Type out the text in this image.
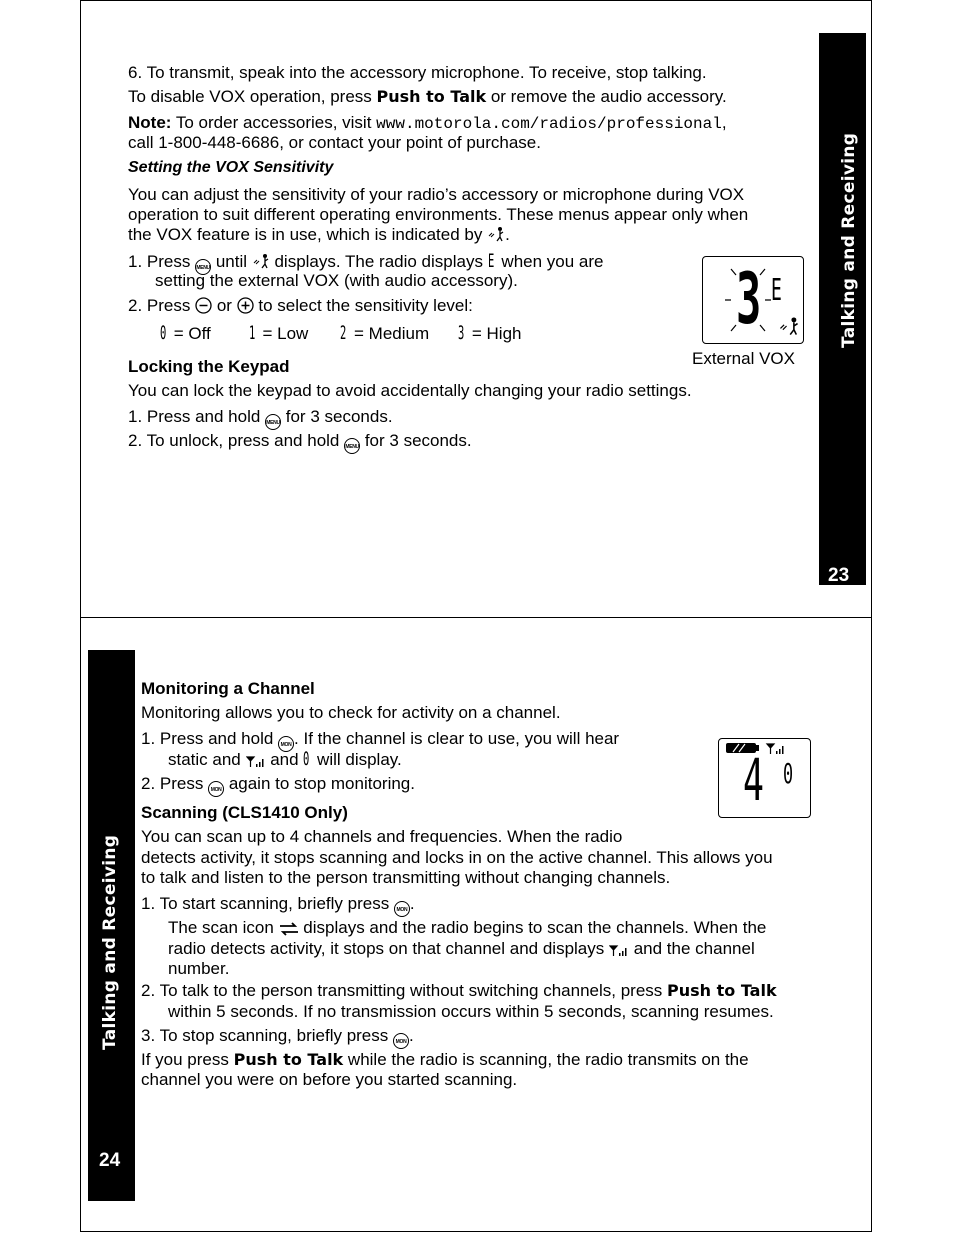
Talking and Receiving
23
6. To transmit, speak into the accessory microphone. To receive, stop talking.
To disable VOX operation, press Push to Talk or remove the audio accessory.
Note: To order accessories, visit www.motorola.com/radios/professional,
call 1-800-448-6686, or contact your point of purchase.
Setting the VOX Sensitivity
You can adjust the sensitivity of your radio’s accessory or microphone during VOX
operation to suit different operating environments. These menus appear only when
the VOX feature is in use, which is indicated by .
1. Press MENU until  displays. The radio displays E when you are
setting the external VOX (with audio accessory).
2. Press  or  to select the sensitivity level:
0 = Off 1 = Low 2 = Medium 3 = High	3 E
External VOX
Locking the Keypad
You can lock the keypad to avoid accidentally changing your radio settings.
1. Press and hold MENU for 3 seconds.
2. To unlock, press and hold MENU for 3 seconds.
Talking and Receiving
24
Monitoring a Channel
Monitoring allows you to check for activity on a channel.
1. Press and hold MON . If the channel is clear to use, you will hear
static and  and 0 will display.
2. Press MON again to stop monitoring.	4 0
Scanning (CLS1410 Only)
You can scan up to 4 channels and frequencies. When the radio
detects activity, it stops scanning and locks in on the active channel. This allows you
to talk and listen to the person transmitting without changing channels.
1. To start scanning, briefly press MON .
The scan icon  displays and the radio begins to scan the channels. When the
radio detects activity, it stops on that channel and displays  and the channel
number.
2. To talk to the person transmitting without switching channels, press Push to Talk
within 5 seconds. If no transmission occurs within 5 seconds, scanning resumes.
3. To stop scanning, briefly press MON .
If you press Push to Talk while the radio is scanning, the radio transmits on the
channel you were on before you started scanning.
